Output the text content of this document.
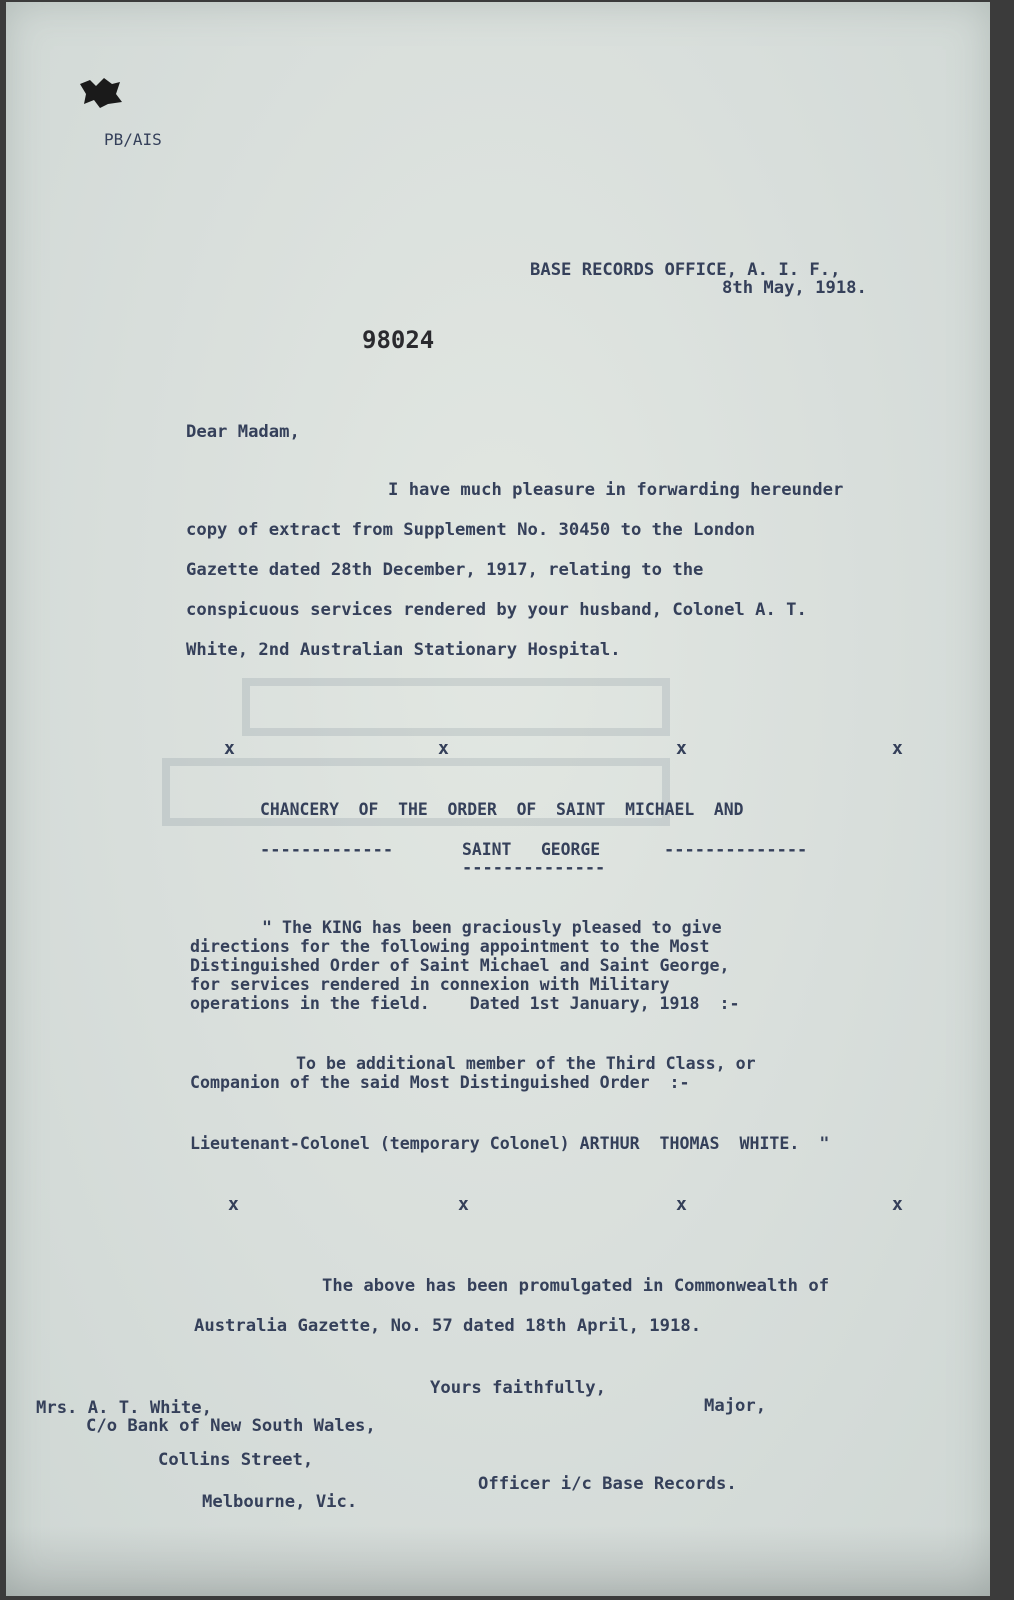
PB/AIS

BASE RECORDS OFFICE, A. I. F.,

8th May, 1918.

98024

Dear Madam,

I have much pleasure in forwarding hereunder

copy of extract from Supplement No. 30450 to the London

Gazette dated 28th December, 1917, relating to the

conspicuous services rendered by your husband, Colonel A. T.

White, 2nd Australian Stationary Hospital.

x	x	x	x

CHANCERY  OF  THE  ORDER  OF  SAINT  MICHAEL  AND

-------------	SAINT   GEORGE	--------------

--------------

" The KING has been graciously pleased to give

directions for the following appointment to the Most

Distinguished Order of Saint Michael and Saint George,

for services rendered in connexion with Military

operations in the field.    Dated 1st January, 1918  :-

To be additional member of the Third Class, or

Companion of the said Most Distinguished Order  :-

Lieutenant-Colonel (temporary Colonel) ARTHUR  THOMAS  WHITE.  "

x	x	x	x

The above has been promulgated in Commonwealth of

Australia Gazette, No. 57 dated 18th April, 1918.

Yours faithfully,

Major,

Mrs. A. T. White,

C/o Bank of New South Wales,

Collins Street,

Melbourne, Vic.

Officer i/c Base Records.
